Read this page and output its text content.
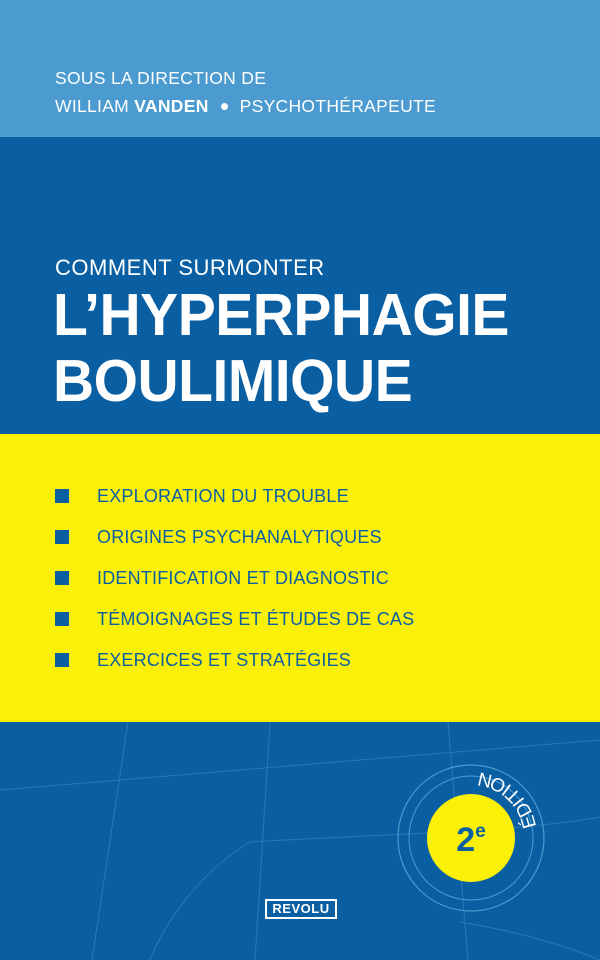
SOUS LA DIRECTION DE
WILLIAM VANDEN PSYCHOTHÉRAPEUTE
COMMENT SURMONTER
L’HYPERPHAGIE
BOULIMIQUE
EXPLORATION DU TROUBLE
ORIGINES PSYCHANALYTIQUES
IDENTIFICATION ET DIAGNOSTIC
TÉMOIGNAGES ET ÉTUDES DE CAS
EXERCICES ET STRATÉGIES
2e	ÉDITION
REVOLU
